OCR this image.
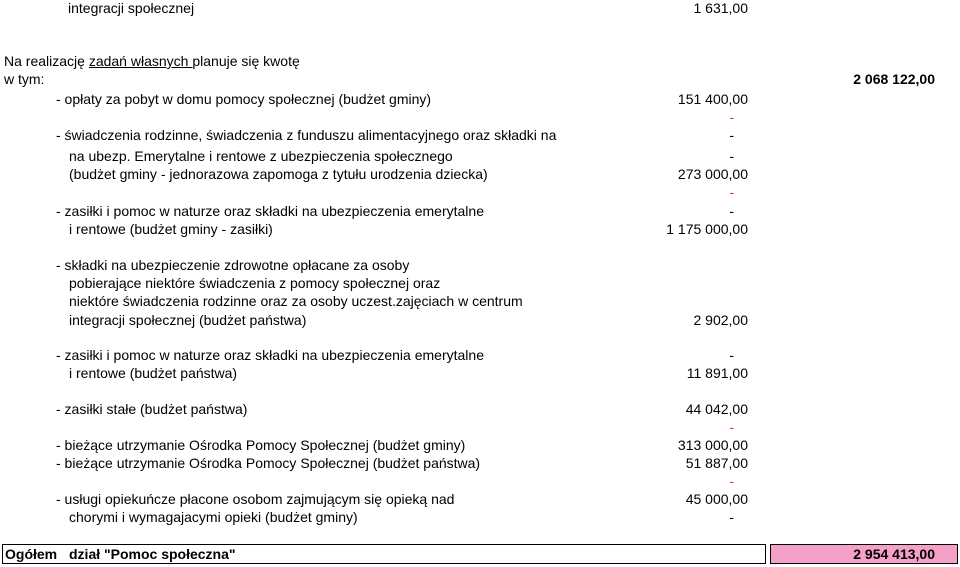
integracji społecznej	1 631,00
Na realizację zadań własnych planuje się kwotę
w tym:	2 068 122,00
- opłaty za pobyt w domu pomocy społecznej (budżet gminy)	151 400,00
-
- świadczenia rodzinne, świadczenia z funduszu alimentacyjnego oraz składki na	-
na ubezp. Emerytalne i rentowe z ubezpieczenia społecznego	-
(budżet gminy - jednorazowa zapomoga z tytułu urodzenia dziecka)	273 000,00
-
- zasiłki i pomoc w naturze oraz składki na ubezpieczenia emerytalne	-
i rentowe (budżet gminy - zasiłki)	1 175 000,00
- składki na ubezpieczenie zdrowotne opłacane za osoby
pobierające niektóre świadczenia z pomocy społecznej oraz
niektóre świadczenia rodzinne oraz za osoby uczest.zajęciach w centrum
integracji społecznej (budżet państwa)	2 902,00
- zasiłki i pomoc w naturze oraz składki na ubezpieczenia emerytalne	-
i rentowe (budżet państwa)	11 891,00
- zasiłki stałe (budżet państwa)	44 042,00
-
- bieżące utrzymanie Ośrodka Pomocy Społecznej (budżet gminy)	313 000,00
- bieżące utrzymanie Ośrodka Pomocy Społecznej (budżet państwa)	51 887,00
-
- usługi opiekuńcze płacone osobom zajmującym się opieką nad	45 000,00
chorymi i wymagajacymi opieki (budżet gminy)	-
Ogółem dział "Pomoc społeczna"	2 954 413,00
